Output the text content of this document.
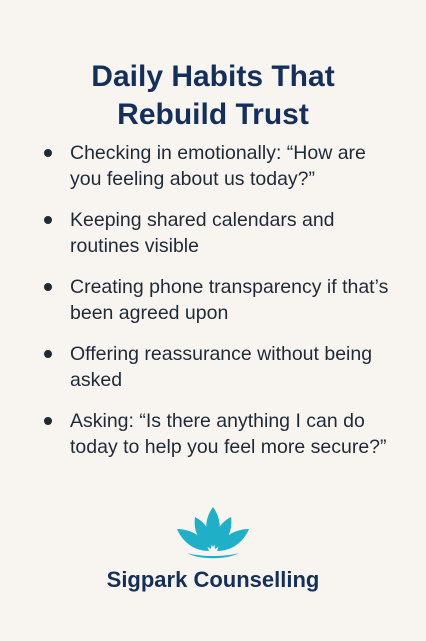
Daily Habits That
Rebuild Trust
Checking in emotionally: “How are you feeling about us today?”
Keeping shared calendars and routines visible
Creating phone transparency if that’s been agreed upon
Offering reassurance without being asked
Asking: “Is there anything I can do today to help you feel more secure?”
Sigpark Counselling
